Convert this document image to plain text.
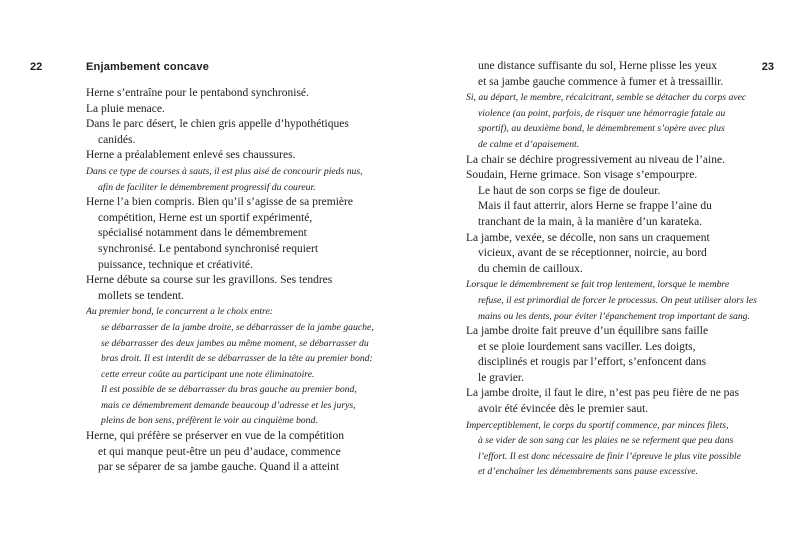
22	Enjambement concave	23
Herne s’entraîne pour le pentabond synchronisé.
La pluie menace.
Dans le parc désert, le chien gris appelle d’hypothétiques
canidés.
Herne a préalablement enlevé ses chaussures.
Dans ce type de courses à sauts, il est plus aisé de concourir pieds nus,
afin de faciliter le démembrement progressif du coureur.
Herne l’a bien compris. Bien qu’il s’agisse de sa première
compétition, Herne est un sportif expérimenté,
spécialisé notamment dans le démembrement
synchronisé. Le pentabond synchronisé requiert
puissance, technique et créativité.
Herne débute sa course sur les gravillons. Ses tendres
mollets se tendent.
Au premier bond, le concurrent a le choix entre:
se débarrasser de la jambe droite, se débarrasser de la jambe gauche,
se débarrasser des deux jambes au même moment, se débarrasser du
bras droit. Il est interdit de se débarrasser de la tête au premier bond:
cette erreur coûte au participant une note éliminatoire.
Il est possible de se débarrasser du bras gauche au premier bond,
mais ce démembrement demande beaucoup d’adresse et les jurys,
pleins de bon sens, préfèrent le voir au cinquième bond.
Herne, qui préfère se préserver en vue de la compétition
et qui manque peut-être un peu d’audace, commence
par se séparer de sa jambe gauche. Quand il a atteint
une distance suffisante du sol, Herne plisse les yeux
et sa jambe gauche commence à fumer et à tressaillir.
Si, au départ, le membre, récalcitrant, semble se détacher du corps avec
violence (au point, parfois, de risquer une hémorragie fatale au
sportif), au deuxième bond, le démembrement s’opère avec plus
de calme et d’apaisement.
La chair se déchire progressivement au niveau de l’aine.
Soudain, Herne grimace. Son visage s’empourpre.
Le haut de son corps se fige de douleur.
Mais il faut atterrir, alors Herne se frappe l’aine du
tranchant de la main, à la manière d’un karateka.
La jambe, vexée, se décolle, non sans un craquement
vicieux, avant de se réceptionner, noircie, au bord
du chemin de cailloux.
Lorsque le démembrement se fait trop lentement, lorsque le membre
refuse, il est primordial de forcer le processus. On peut utiliser alors les
mains ou les dents, pour éviter l’épanchement trop important de sang.
La jambe droite fait preuve d’un équilibre sans faille
et se ploie lourdement sans vaciller. Les doigts,
disciplinés et rougis par l’effort, s’enfoncent dans
le gravier.
La jambe droite, il faut le dire, n’est pas peu fière de ne pas
avoir été évincée dès le premier saut.
Imperceptiblement, le corps du sportif commence, par minces filets,
à se vider de son sang car les plaies ne se referment que peu dans
l’effort. Il est donc nécessaire de finir l’épreuve le plus vite possible
et d’enchaîner les démembrements sans pause excessive.
